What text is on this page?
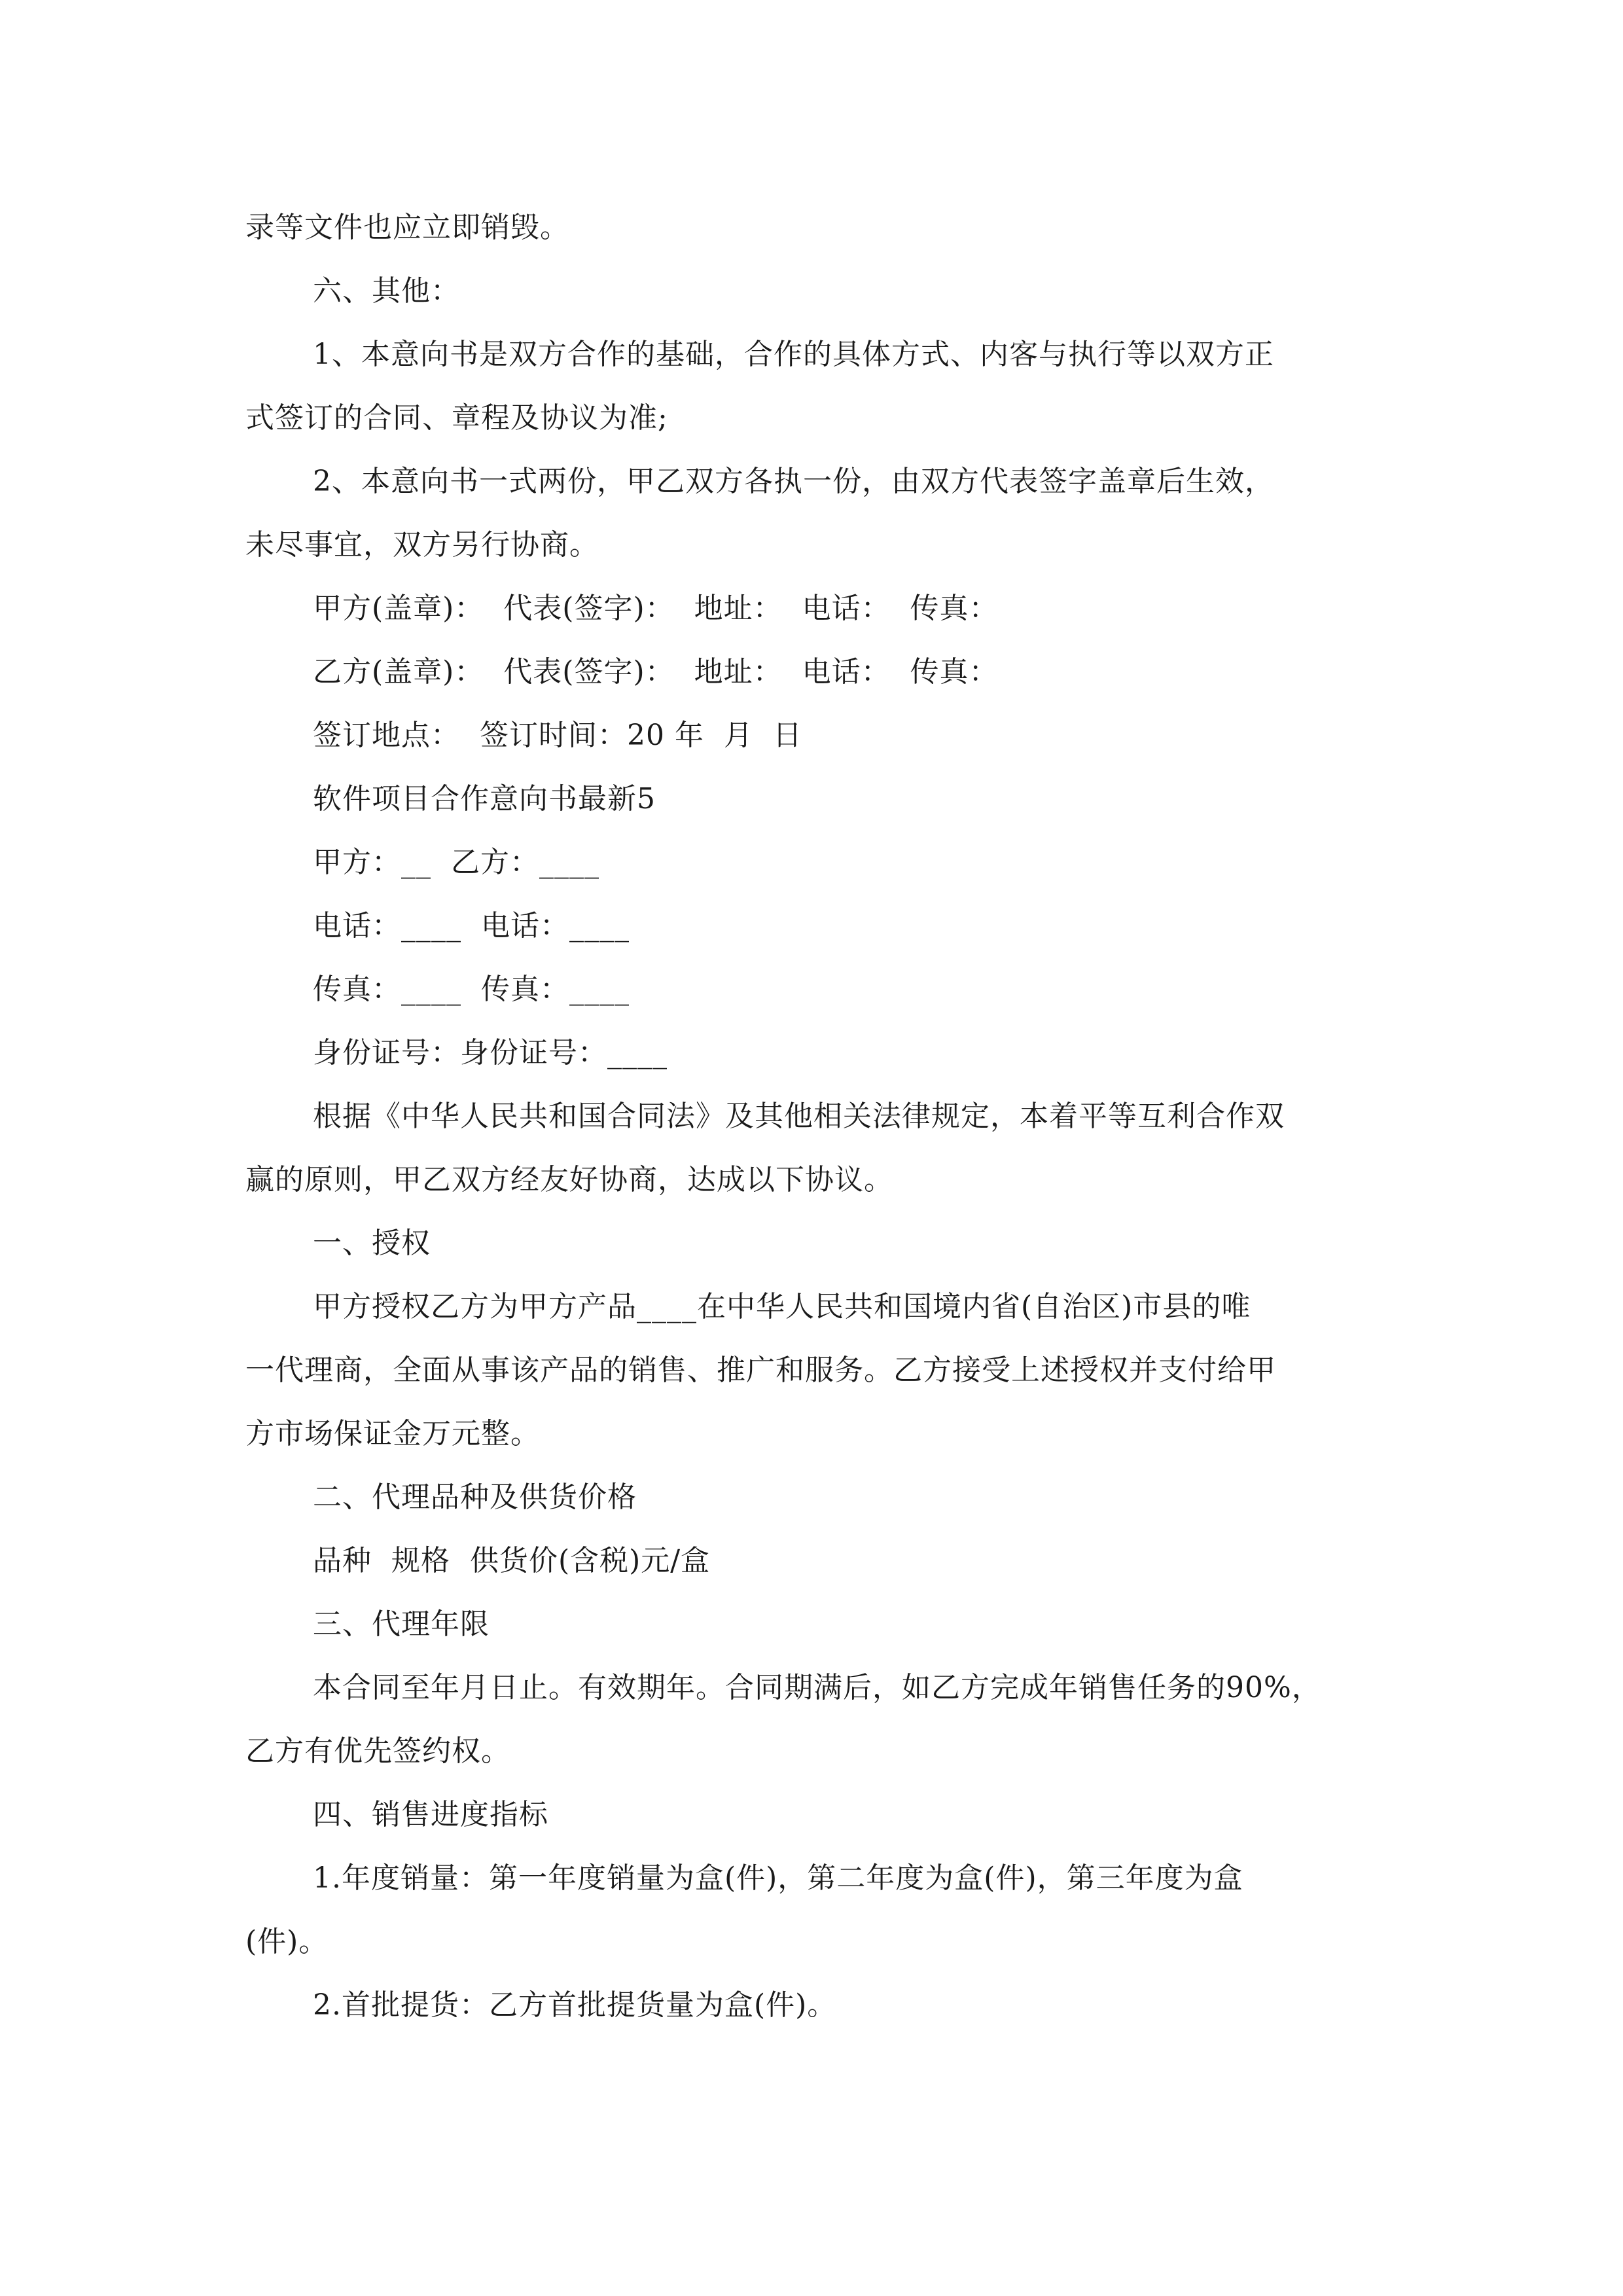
录等文件也应立即销毁。
六、其他：
1、本意向书是双方合作的基础，合作的具体方式、内客与执行等以双方正
式签订的合同、章程及协议为准;
2、本意向书一式两份，甲乙双方各执一份，由双方代表签字盖章后生效，
未尽事宜，双方另行协商。
甲方(盖章)：  代表(签字)：  地址：  电话：  传真：
乙方(盖章)：  代表(签字)：  地址：  电话：  传真：
签订地点：  签订时间：20 年  月  日
软件项目合作意向书最新5
甲方：__  乙方：____
电话：____  电话：____
传真：____  传真：____
身份证号：身份证号：____
根据《中华人民共和国合同法》及其他相关法律规定，本着平等互利合作双
赢的原则，甲乙双方经友好协商，达成以下协议。
一、授权
甲方授权乙方为甲方产品____在中华人民共和国境内省(自治区)市县的唯
一代理商，全面从事该产品的销售、推广和服务。乙方接受上述授权并支付给甲
方市场保证金万元整。
二、代理品种及供货价格
品种  规格  供货价(含税)元/盒
三、代理年限
本合同至年月日止。有效期年。合同期满后，如乙方完成年销售任务的90%，
乙方有优先签约权。
四、销售进度指标
1.年度销量：第一年度销量为盒(件)，第二年度为盒(件)，第三年度为盒
(件)。
2.首批提货：乙方首批提货量为盒(件)。
